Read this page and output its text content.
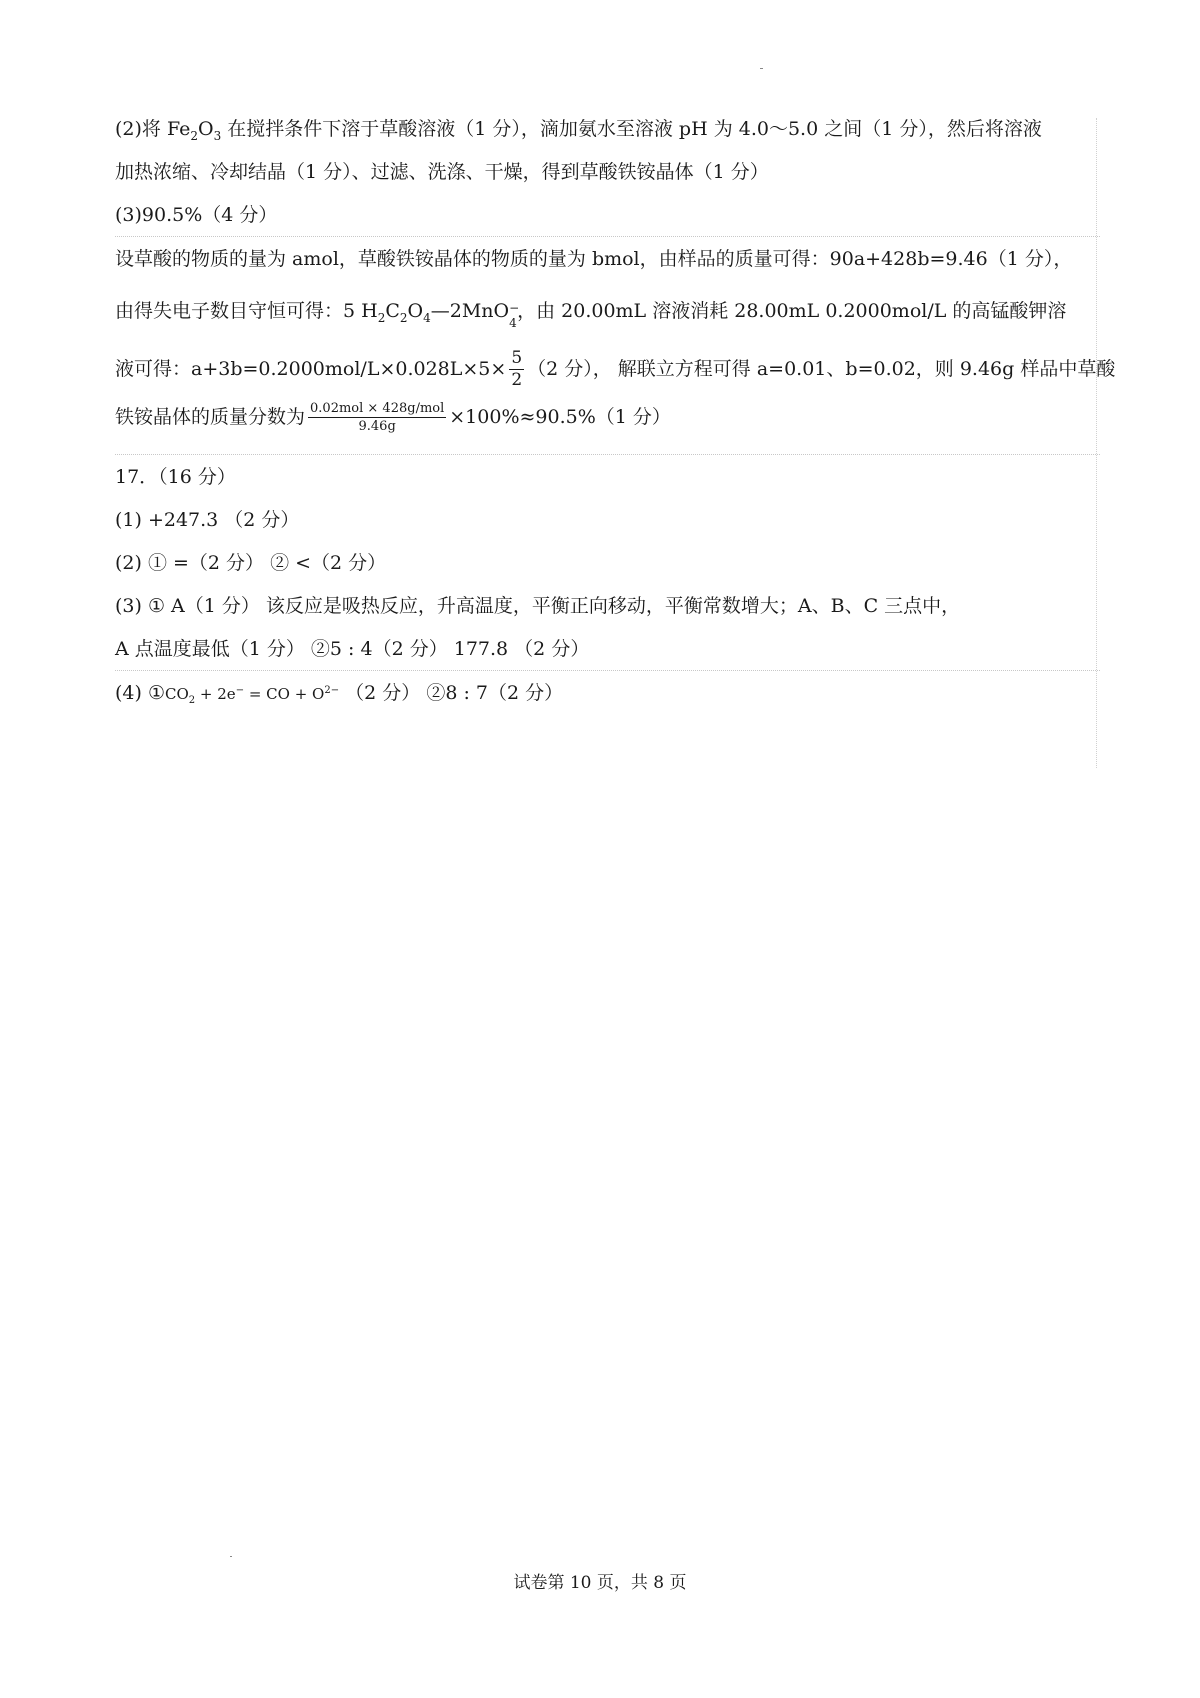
(2)将 $Fe_2O_3$ 在搅拌条件下溶于草酸溶液（1 分），滴加氨水至溶液 pH 为 4.0～5.0 之间（1 分），然后将溶液
加热浓缩、冷却结晶（1 分）、过滤、洗涤、干燥，得到草酸铁铵晶体（1 分）
(3)90.5%（4 分）
设草酸的物质的量为 amol，草酸铁铵晶体的物质的量为 bmol，由样品的质量可得：90a+428b=9.46（1 分），
由得失电子数目守恒可得：5 $H_2C_2O_4—2MnO$ −
4
，由 20.00mL 溶液消耗 28.00mL 0.2000mol/L 的高锰酸钾溶
液可得：$a+3b=0.2000mol/L\times 0.028L\times 5\times \frac{5}{2} (2$ 分）， 解联立方程可得 a=0.01、b=0.02，则 9.46g 样品中草酸
铁铵晶体的质量分数为 $\frac{\text{0.02mol × 428g/mol}}{9.46g} \times 100\%\approx 90.5\%(1$ 分）
17．（16 分）
(1) +247.3 （2 分）
(2) ① =（2 分） ② <（2 分）
(3) ① A（1 分） 该反应是吸热反应，升高温度，平衡正向移动，平衡常数增大；A、B、C 三点中，
A 点温度最低（1 分） ②5 : 4（2 分） 177.8 （2 分）
(4) $①CO_2 + 2e^-$ = CO + $O^{2-}$ （2 分） ②8 : 7（2 分）
试卷第 10 页，共 8 页
